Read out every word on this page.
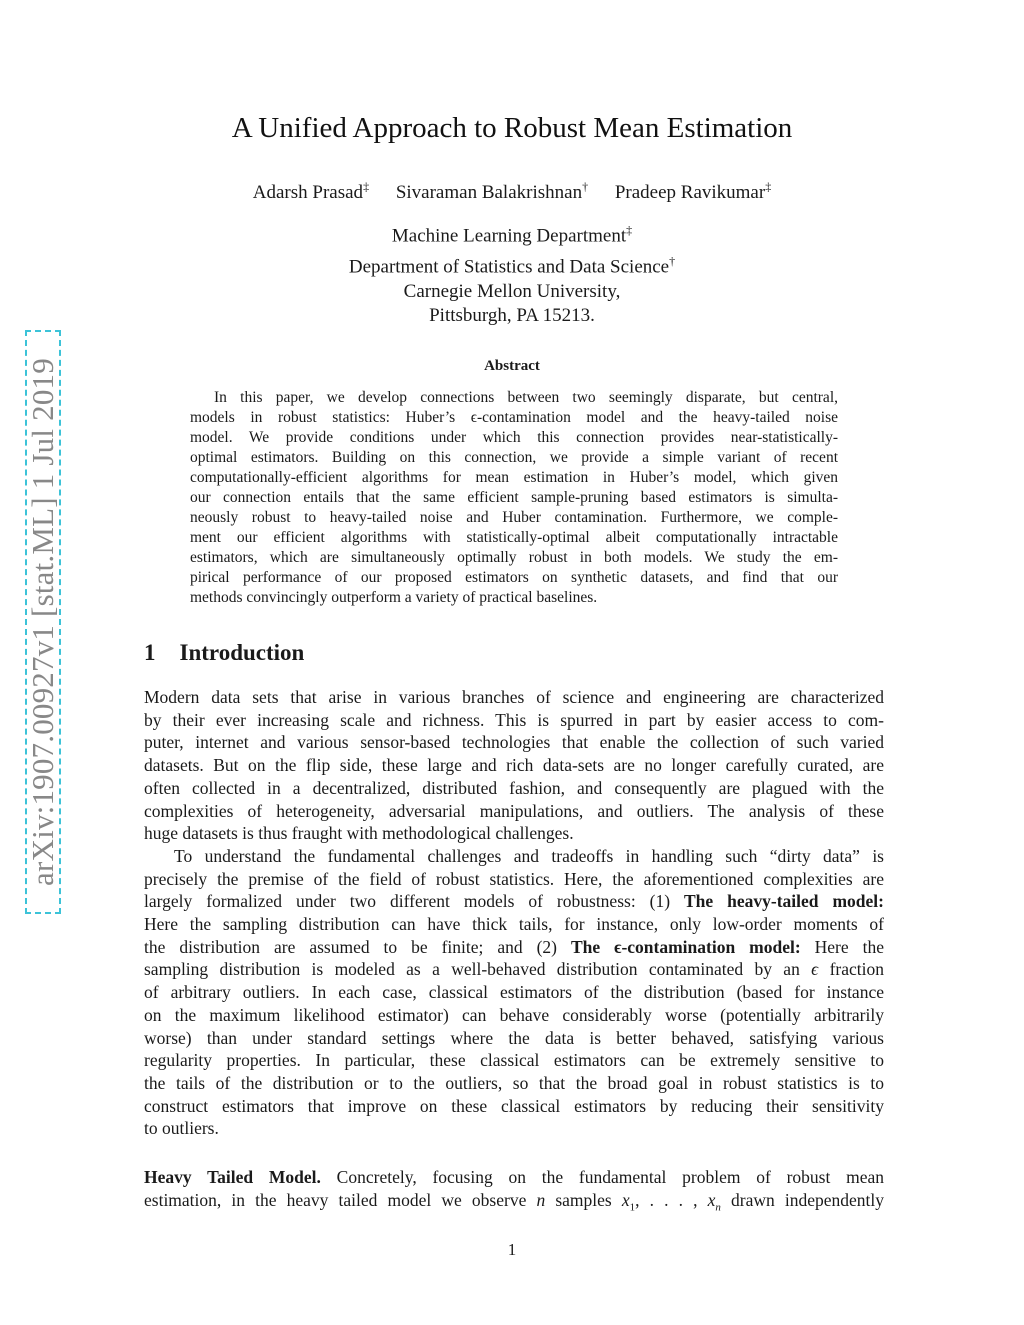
arXiv:1907.00927v1 [stat.ML] 1 Jul 2019
A Unified Approach to Robust Mean Estimation
Adarsh Prasad‡ Sivaraman Balakrishnan† Pradeep Ravikumar‡
Machine Learning Department‡
Department of Statistics and Data Science†
Carnegie Mellon University,
Pittsburgh, PA 15213.
Abstract
In this paper, we develop connections between two seemingly disparate, but central,
models in robust statistics: Huber’s ϵ-contamination model and the heavy-tailed noise
model. We provide conditions under which this connection provides near-statistically-
optimal estimators. Building on this connection, we provide a simple variant of recent
computationally-efficient algorithms for mean estimation in Huber’s model, which given
our connection entails that the same efficient sample-pruning based estimators is simulta-
neously robust to heavy-tailed noise and Huber contamination. Furthermore, we comple-
ment our efficient algorithms with statistically-optimal albeit computationally intractable
estimators, which are simultaneously optimally robust in both models. We study the em-
pirical performance of our proposed estimators on synthetic datasets, and find that our
methods convincingly outperform a variety of practical baselines.
1 Introduction
Modern data sets that arise in various branches of science and engineering are characterized
by their ever increasing scale and richness. This is spurred in part by easier access to com-
puter, internet and various sensor-based technologies that enable the collection of such varied
datasets. But on the flip side, these large and rich data-sets are no longer carefully curated, are
often collected in a decentralized, distributed fashion, and consequently are plagued with the
complexities of heterogeneity, adversarial manipulations, and outliers. The analysis of these
huge datasets is thus fraught with methodological challenges.
To understand the fundamental challenges and tradeoffs in handling such “dirty data” is
precisely the premise of the field of robust statistics. Here, the aforementioned complexities are
largely formalized under two different models of robustness: (1) The heavy-tailed model:
Here the sampling distribution can have thick tails, for instance, only low-order moments of
the distribution are assumed to be finite; and (2) The ϵ-contamination model: Here the
sampling distribution is modeled as a well-behaved distribution contaminated by an ϵ fraction
of arbitrary outliers. In each case, classical estimators of the distribution (based for instance
on the maximum likelihood estimator) can behave considerably worse (potentially arbitrarily
worse) than under standard settings where the data is better behaved, satisfying various
regularity properties. In particular, these classical estimators can be extremely sensitive to
the tails of the distribution or to the outliers, so that the broad goal in robust statistics is to
construct estimators that improve on these classical estimators by reducing their sensitivity
to outliers.
Heavy Tailed Model. Concretely, focusing on the fundamental problem of robust mean
estimation, in the heavy tailed model we observe n samples $x_1$, . . . , $x_n$ drawn independently
1
